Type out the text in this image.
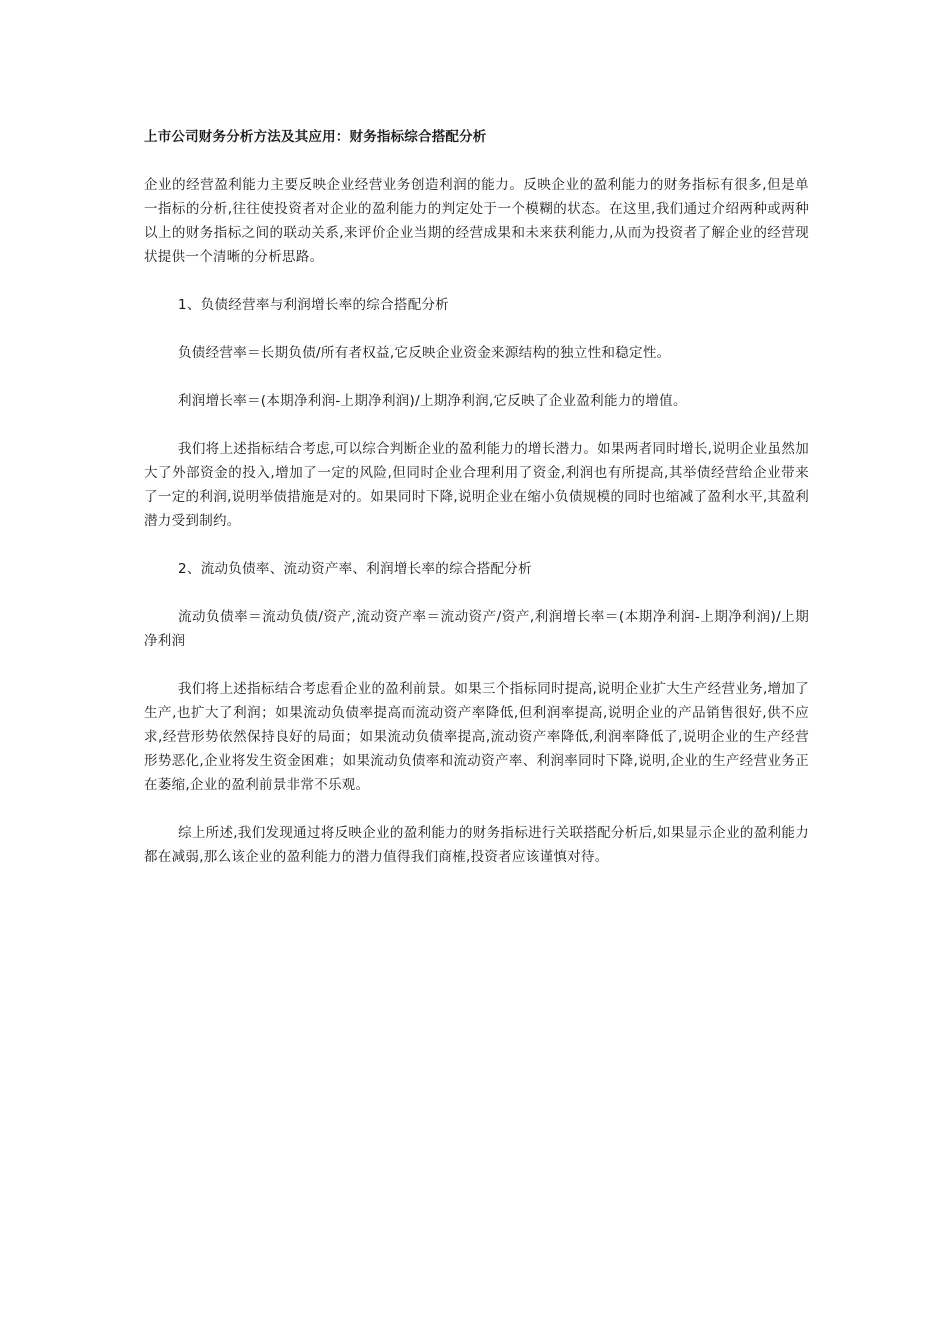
上市公司财务分析方法及其应用：财务指标综合搭配分析

企业的经营盈利能力主要反映企业经营业务创造利润的能力。反映企业的盈利能力的财务指标有很多,但是单一指标的分析,往往使投资者对企业的盈利能力的判定处于一个模糊的状态。在这里,我们通过介绍两种或两种以上的财务指标之间的联动关系,来评价企业当期的经营成果和未来获利能力,从而为投资者了解企业的经营现状提供一个清晰的分析思路。

1、负债经营率与利润增长率的综合搭配分析

负债经营率＝长期负债/所有者权益,它反映企业资金来源结构的独立性和稳定性。

利润增长率＝(本期净利润-上期净利润)/上期净利润,它反映了企业盈利能力的增值。

我们将上述指标结合考虑,可以综合判断企业的盈利能力的增长潜力。如果两者同时增长,说明企业虽然加大了外部资金的投入,增加了一定的风险,但同时企业合理利用了资金,利润也有所提高,其举债经营给企业带来了一定的利润,说明举债措施是对的。如果同时下降,说明企业在缩小负债规模的同时也缩减了盈利水平,其盈利潜力受到制约。

2、流动负债率、流动资产率、利润增长率的综合搭配分析

流动负债率＝流动负债/资产,流动资产率＝流动资产/资产,利润增长率＝(本期净利润-上期净利润)/上期净利润

我们将上述指标结合考虑看企业的盈利前景。如果三个指标同时提高,说明企业扩大生产经营业务,增加了生产,也扩大了利润；如果流动负债率提高而流动资产率降低,但利润率提高,说明企业的产品销售很好,供不应求,经营形势依然保持良好的局面；如果流动负债率提高,流动资产率降低,利润率降低了,说明企业的生产经营形势恶化,企业将发生资金困难；如果流动负债率和流动资产率、利润率同时下降,说明,企业的生产经营业务正在萎缩,企业的盈利前景非常不乐观。

综上所述,我们发现通过将反映企业的盈利能力的财务指标进行关联搭配分析后,如果显示企业的盈利能力都在减弱,那么该企业的盈利能力的潜力值得我们商榷,投资者应该谨慎对待。
